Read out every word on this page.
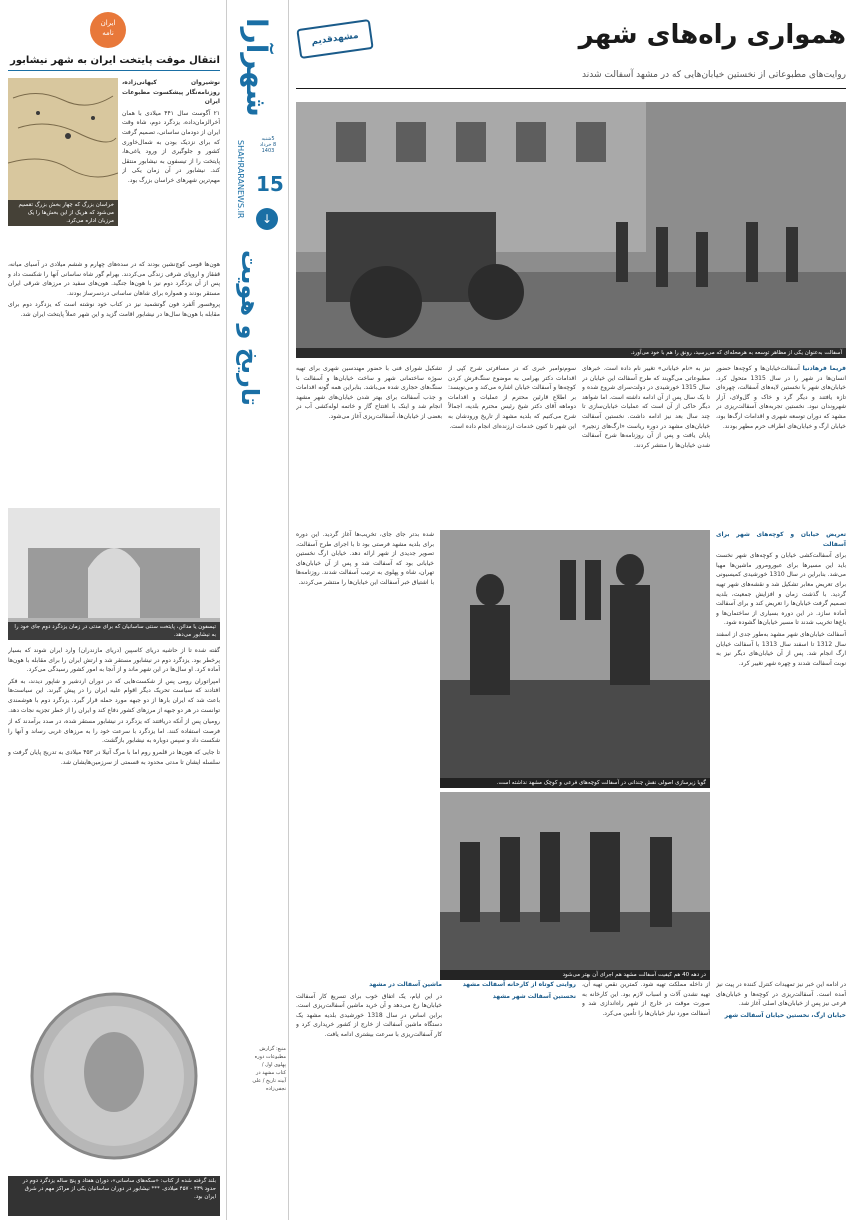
ایران
نامه
انتقال موقت پایتخت ایران به شهر نیشابور
خراسان بزرگ که چهار بخش بزرگ تقسیم می‌شود که هریک از این بخش‌ها را یک مرزبان اداره می‌کرد.

نوشیروان کیهانی‌زاده، روزنامه‌نگار پیشکسوت مطبوعات ایران

۲۱ آگوست سال ۴۴۱ میلادی با همان آخرالزمان‌داده، یزدگرد دوم، شاه وقت ایران از دودمان ساسانی، تصمیم گرفت که برای نزدیک بودن به شمال‌خاوری کشور و جلوگیری از ورود یاغی‌ها، پایتخت را از تیسفون به نیشابور منتقل کند. نیشابور در آن زمان یکی از مهم‌ترین شهرهای خراسان بزرگ بود.

هون‌ها قومی کوچ‌نشین بودند که در سده‌های چهارم و ششم میلادی در آسیای میانه، قفقاز و اروپای شرقی زندگی می‌کردند. بهرام گور شاه ساسانی آنها را شکست داد و پس از آن یزدگرد دوم نیز با هون‌ها جنگید. هون‌های سفید در مرزهای شرقی ایران مستقر بودند و همواره برای شاهان ساسانی دردسرساز بودند.

پروفسور آلفرد فون گوتشمید نیز در کتاب خود نوشته است که یزدگرد دوم برای مقابله با هون‌ها سال‌ها در نیشابور اقامت گزید و این شهر عملاً پایتخت ایران شد.

تیسفون یا مدائن، پایتخت سنتی ساسانیان که برای مدتی در زمان یزدگرد دوم جای خود را به نیشابور می‌دهد.

گفته شده تا از حاشیه دریای کاسپین (دریای مازندران) وارد ایران شوند که بسیار پرخطر بود. یزدگرد دوم در نیشابور مستقر شد و ارتش ایران را برای مقابله با هون‌ها آماده کرد. او سال‌ها در این شهر ماند و از آنجا به امور کشور رسیدگی می‌کرد.

امپراتوران رومی پس از شکست‌هایی که در دوران اردشیر و شاپور دیدند، به فکر افتادند که سیاست تحریک دیگر اقوام علیه ایران را در پیش گیرند. این سیاست‌ها باعث شد که ایران بارها از دو جبهه مورد حمله قرار گیرد. یزدگرد دوم با هوشمندی توانست در هر دو جبهه از مرزهای کشور دفاع کند و ایران را از خطر تجزیه نجات دهد.

رومیان پس از آنکه دریافتند که یزدگرد در نیشابور مستقر شده، در صدد برآمدند که از فرصت استفاده کنند. اما یزدگرد با سرعت خود را به مرزهای غربی رساند و آنها را شکست داد و سپس دوباره به نیشابور بازگشت.

تا جایی که هون‌ها در قلمرو روم اما با مرگ آتیلا در ۴۵۳ میلادی به تدریج پایان گرفت و سلسله ایشان تا مدتی محدود به قسمتی از سرزمین‌هایشان شد.

بلند گرفته شده از کتاب: «سکه‌های ساسانی»، دوران هفتاد و پنج ساله یزدگرد دوم در حدود ۴۳۹ - ۴۵۷ میلادی. *** نیشابور در دوران ساسانیان یکی از مراکز مهم در شرق ایران بود.
شهرآرا
SHAHRARANEWS.IR
5شنبه
8 خرداد 1403
15
↓
تاریخ و هویت
منبع: گزارش مطبوعات دوره پهلوی اول / کتاب مشهد در آیینه تاریخ / علی نجفی‌زاده
هموار‌ی راه‌های شهر
مشهد‌قدیم
روایت‌های مطبوعاتی از نخستین خیابان‌هایی که در مشهد آسفالت شدند
آسفالت به‌عنوان یکی از مظاهر توسعه به هرمحله‌ای که می‌رسید، رونق را هم با خود می‌آورد.
فریما فرهادنیا آسفالت‌خیابان‌ها و کوچه‌ها حضور انسان‌ها در شهر را در سال 1315 متحول کرد. خیابان‌های شهر با نخستین لایه‌های آسفالت، چهره‌ای تازه یافتند و دیگر گرد و خاک و گل‌ولای، آزار شهروندان نبود. نخستین تجربه‌های آسفالت‌ریزی در مشهد که دوران توسعه شهری و اقدامات ارگ‌ها بود، خیابان ارگ و خیابان‌های اطراف حرم مطهر بودند.
نیز به «نام خیابانی» تغییر نام داده است. خبرهای مطبوعاتی می‌گویند که طرح آسفالت این خیابان در سال 1315 خورشیدی در دولت‌سرای شروع شده و تا یک سال پس از آن ادامه داشته است. اما شواهد دیگر حاکی از آن است که عملیات خیابان‌سازی تا چند سال بعد نیز ادامه داشت. نخستین آسفالت خیابان‌های مشهد در دوره ریاست «ارگ‌های زنجیر» پایان یافت و پس از آن روزنامه‌ها شرح آسفالت شدن خیابان‌ها را منتشر کردند.
سوم‌نوامبر خبری که در مسافرتی شرح کپی از اقدامات دکتر بهرامی به موضوع سنگ‌فرش کردن کوچه‌ها و آسفالت خیابان اشاره می‌کند و می‌نویسد: بر اطلاع قارئین محترم از عملیات و اقدامات دوماهه آقای دکتر شیخ رئیس محترم بلدیه، اجمالاً شرح می‌کنیم که بلدیه مشهد از تاریخ ورودشان به این شهر تا کنون خدمات ارزنده‌ای انجام داده است.
تشکیل شورای فنی با حضور مهندسین شهری برای تهیه سوژه ساختمانی شهر و ساخت خیابان‌ها و آسفالت با سنگ‌های حجاری شده می‌باشد. بنابراین همه گونه اقدامات و جذب آسفالت برای بهتر شدن خیابان‌های شهر مشهد انجام شد و اینک با افتتاح گاز و خاتمه لوله‌کشی آب در بعضی از خیابان‌ها، آسفالت‌ریزی آغاز می‌شود.

تعریض خیابان و کوچه‌های شهر برای آسفالت

برای آسفالت‌کشی خیابان و کوچه‌های شهر نخست باید این مسیرها برای عبورومرور ماشین‌ها مهیا می‌شد. بنابراین در سال 1310 خورشیدی کمیسیونی برای تعریض معابر تشکیل شد و نقشه‌های شهر تهیه گردید. با گذشت زمان و افزایش جمعیت، بلدیه تصمیم گرفت خیابان‌ها را تعریض کند و برای آسفالت آماده سازد. در این دوره بسیاری از ساختمان‌ها و باغ‌ها تخریب شدند تا مسیر خیابان‌ها گشوده شود.

آسفالت خیابان‌های شهر مشهد به‌طور جدی از اسفند سال 1312 تا اسفند سال 1313 با آسفالت خیابان ارگ انجام شد. پس از آن خیابان‌های دیگر نیز به نوبت آسفالت شدند و چهره شهر تغییر کرد.

گویا زیرسازی اصولی نقش چندانی در آسفالت کوچه‌های فرعی و کوچک مشهد نداشته است.
در دهه 40 هم کیفیت آسفالت مشهد هم اجرای آن بهتر می‌شود

شده‌ بدتر جای جای، تخریب‌ها آغاز گردید. این دوره برای بلدیه مشهد فرصتی بود تا با اجرای طرح آسفالت، تصویر جدیدی از شهر ارائه دهد. خیابان ارگ نخستین خیابانی بود که آسفالت شد و پس از آن خیابان‌های تهران، شاه و پهلوی به ترتیب آسفالت شدند. روزنامه‌ها با اشتیاق خبر آسفالت این خیابان‌ها را منتشر می‌کردند.

در ادامه این خبر نیز تمهیدات کنترل کننده در پیت نیز آمده است. آسفالت‌ریزی در کوچه‌ها و خیابان‌های فرعی نیز پس از خیابان‌های اصلی آغاز شد.

خیابان ارگ، نخستین خیابان آسفالت شهر

از داخله مملکت تهیه شود. کمترین نقص تهیه آن، تهیه نشدن آلات و اسباب لازم بود. این کارخانه به صورت موقت در خارج از شهر راه‌اندازی شد و آسفالت مورد نیاز خیابان‌ها را تأمین می‌کرد.

روایتی کوتاه از کارخانه آسفالت مشهد

نخستین آسفالت شهر مشهد

ماشین آسفالت در مشهد

در این ایام، یک اتفاق خوب برای تسریع کار آسفالت خیابان‌ها رخ می‌دهد و آن خرید ماشین آسفالت‌ریزی است. براین اساس در سال 1318 خورشیدی بلدیه مشهد یک دستگاه ماشین آسفالت از خارج از کشور خریداری کرد و کار آسفالت‌ریزی با سرعت بیشتری ادامه یافت.
